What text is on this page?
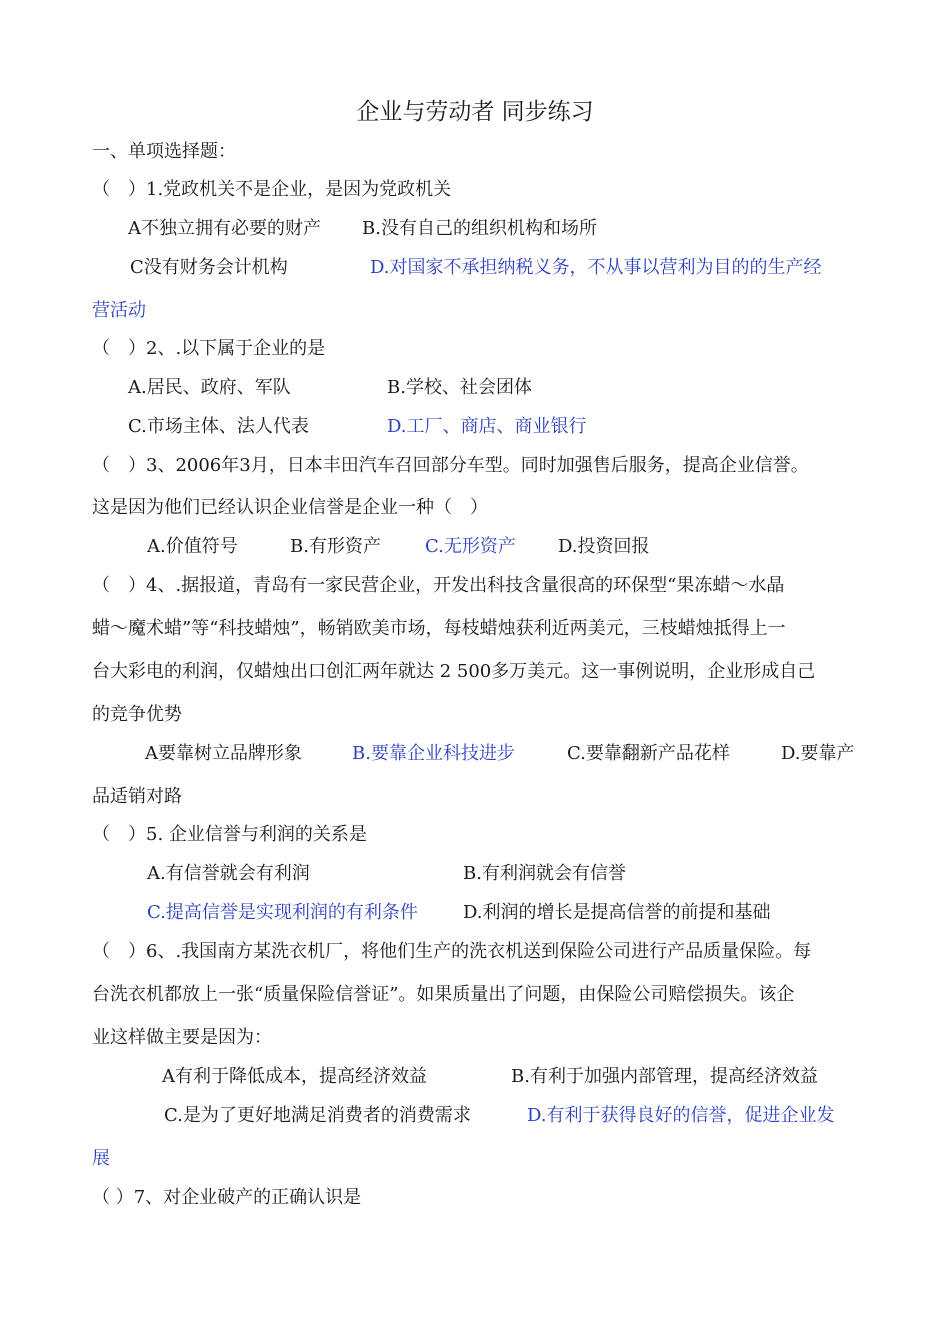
企业与劳动者 同步练习
一、单项选择题：
（　）1.党政机关不是企业，是因为党政机关
A不独立拥有必要的财产 B.没有自己的组织机构和场所
C没有财务会计机构	D.对国家不承担纳税义务，不从事以营利为目的的生产经
营活动
（　）2、.以下属于企业的是
A.居民、政府、军队	B.学校、社会团体
C.市场主体、法人代表	D.工厂、商店、商业银行
（　）3、2006年3月，日本丰田汽车召回部分车型。同时加强售后服务，提高企业信誉。
这是因为他们已经认识企业信誉是企业一种（　）
A.价值符号	B.有形资产 C.无形资产 D.投资回报
（　）4、.据报道，青岛有一家民营企业，开发出科技含量很高的环保型“果冻蜡～水晶
蜡～魔术蜡”等“科技蜡烛”，畅销欧美市场，每枝蜡烛获利近两美元，三枝蜡烛抵得上一
台大彩电的利润，仅蜡烛出口创汇两年就达 2 500多万美元。这一事例说明，企业形成自己
的竞争优势
A要靠树立品牌形象	B.要靠企业科技进步	C.要靠翻新产品花样	D.要靠产
品适销对路
（　）5. 企业信誉与利润的关系是
A.有信誉就会有利润	B.有利润就会有信誉
C.提高信誉是实现利润的有利条件	D.利润的增长是提高信誉的前提和基础
（　）6、.我国南方某洗衣机厂，将他们生产的洗衣机送到保险公司进行产品质量保险。每
台洗衣机都放上一张“质量保险信誉证”。如果质量出了问题，由保险公司赔偿损失。该企
业这样做主要是因为：
A有利于降低成本，提高经济效益	B.有利于加强内部管理，提高经济效益
C.是为了更好地满足消费者的消费需求	D.有利于获得良好的信誉，促进企业发
展
（ ）7、对企业破产的正确认识是
